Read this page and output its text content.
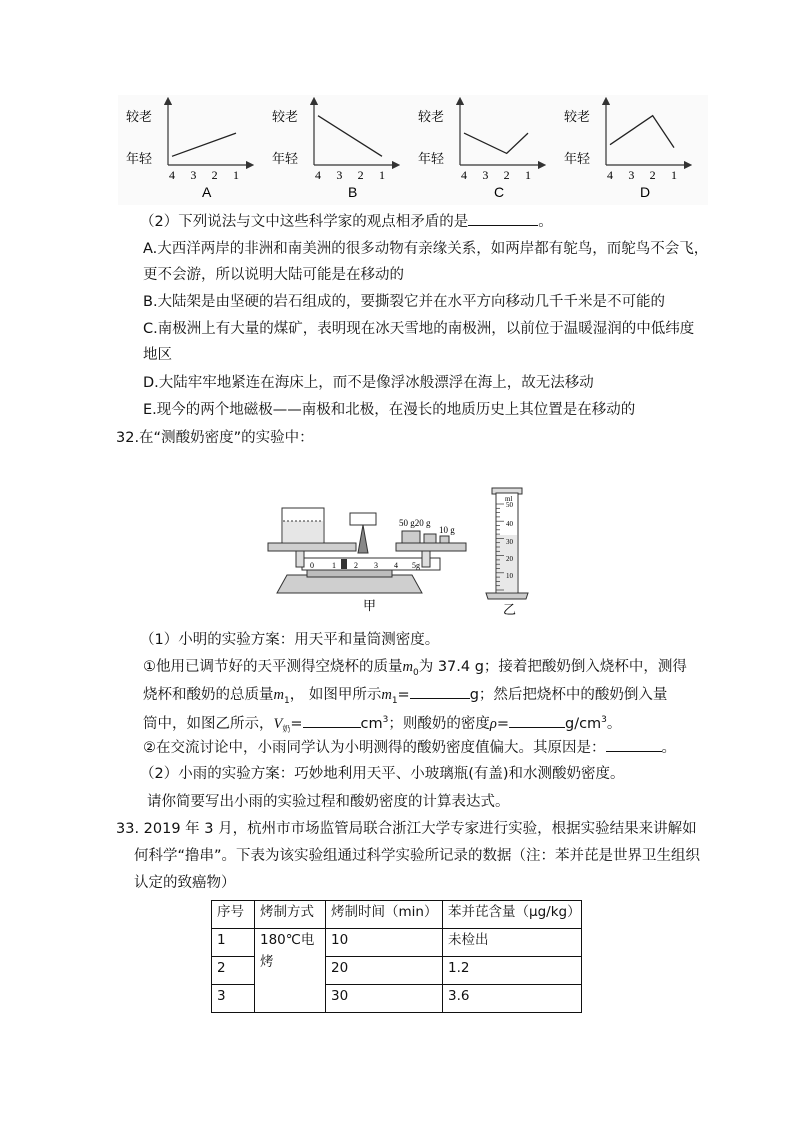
较老
年轻
4 3 2 1
A
较老
年轻
4 3 2 1
B
较老
年轻
4 3 2 1
C
较老
年轻
4 3 2 1
D
（2）下列说法与文中这些科学家的观点相矛盾的是	。
A.大西洋两岸的非洲和南美洲的很多动物有亲缘关系，如两岸都有鸵鸟，而鸵鸟不会飞，
更不会游，所以说明大陆可能是在移动的
B.大陆架是由坚硬的岩石组成的，要撕裂它并在水平方向移动几千千米是不可能的
C.南极洲上有大量的煤矿，表明现在冰天雪地的南极洲，以前位于温暖湿润的中低纬度
地区
D.大陆牢牢地紧连在海床上，而不是像浮冰般漂浮在海上，故无法移动
E.现今的两个地磁极——南极和北极，在漫长的地质历史上其位置是在移动的
32.在“测酸奶密度”的实验中：
50 g20 g
10 g
0 1 2 3 4 5g
甲
ml
50
40
30
20
10
乙
（1）小明的实验方案：用天平和量筒测密度。
①他用已调节好的天平测得空烧杯的质量$m_0$为 37.4 g；接着把酸奶倒入烧杯中，测得
烧杯和酸奶的总质量$m_1$， 如图甲所示$m_1=$	g；然后把烧杯中的酸奶倒入量
筒中，如图乙所示，$V_奶=$	$cm^3$；则酸奶的密度ρ=	$g/cm^3$。
②在交流讨论中，小雨同学认为小明测得的酸奶密度值偏大。其原因是：	。
（2）小雨的实验方案：巧妙地利用天平、小玻璃瓶(有盖)和水测酸奶密度。
请你简要写出小雨的实验过程和酸奶密度的计算表达式。
33. 2019 年 3 月，杭州市市场监管局联合浙江大学专家进行实验，根据实验结果来讲解如
何科学“撸串”。下表为该实验组通过科学实验所记录的数据（注：苯并芘是世界卫生组织
认定的致癌物）
序号	烤制方式	烤制时间（min）	苯并芘含量（μg/kg）
1	180℃电烤	10	未检出
2		20	1.2
3		30	3.6
